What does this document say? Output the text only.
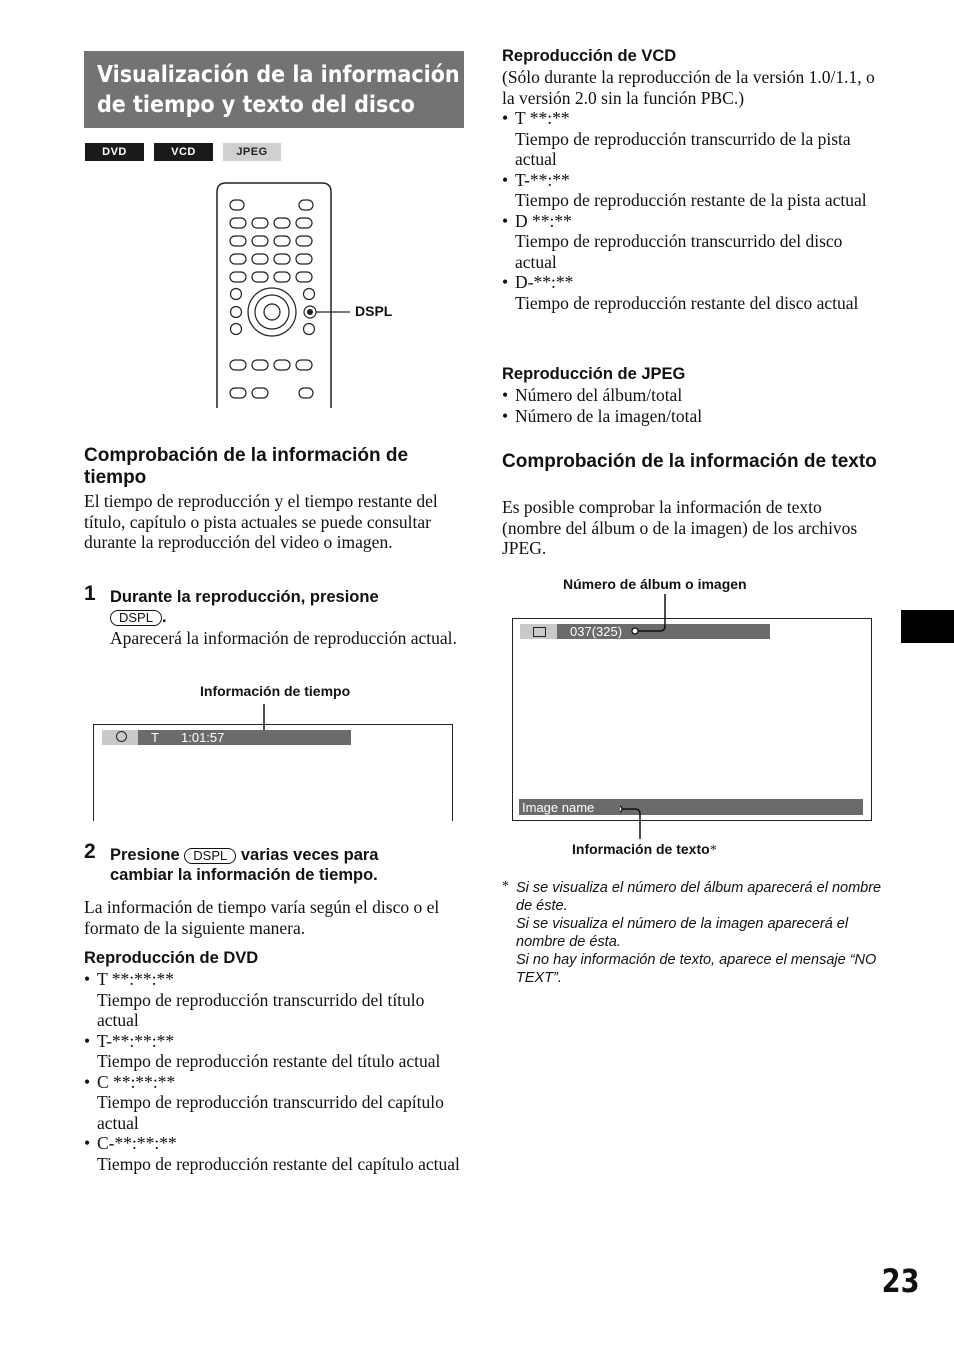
Visualización de la información
de tiempo y texto del disco
DVD	VCD	JPEG
DSPL
Comprobación de la información de tiempo
El tiempo de reproducción y el tiempo restante del título, capítulo o pista actuales se puede consultar durante la reproducción del video o imagen.
1 Durante la reproducción, presione
DSPL .
Aparecerá la información de reproducción actual.
Información de tiempo
T 1:01:57
2 Presione DSPL varias veces para
cambiar la información de tiempo.
La información de tiempo varía según el disco o el formato de la siguiente manera.
Reproducción de DVD
• T **:**:**
Tiempo de reproducción transcurrido del título actual
• T-**:**:**
Tiempo de reproducción restante del título actual
• C **:**:**
Tiempo de reproducción transcurrido del capítulo actual
• C-**:**:**
Tiempo de reproducción restante del capítulo actual
Reproducción de VCD
(Sólo durante la reproducción de la versión 1.0/1.1, o la versión 2.0 sin la función PBC.)
• T **:**
Tiempo de reproducción transcurrido de la pista actual
• T-**:**
Tiempo de reproducción restante de la pista actual
• D **:**
Tiempo de reproducción transcurrido del disco actual
• D-**:**
Tiempo de reproducción restante del disco actual
Reproducción de JPEG
• Número del álbum/total
• Número de la imagen/total
Comprobación de la información de texto
Es posible comprobar la información de texto (nombre del álbum o de la imagen) de los archivos JPEG.
Número de álbum o imagen
037(325)
Image name
Información de texto*
* Si se visualiza el número del álbum aparecerá el nombre de éste.
Si se visualiza el número de la imagen aparecerá el nombre de ésta.
Si no hay información de texto, aparece el mensaje “NO TEXT”.
23
